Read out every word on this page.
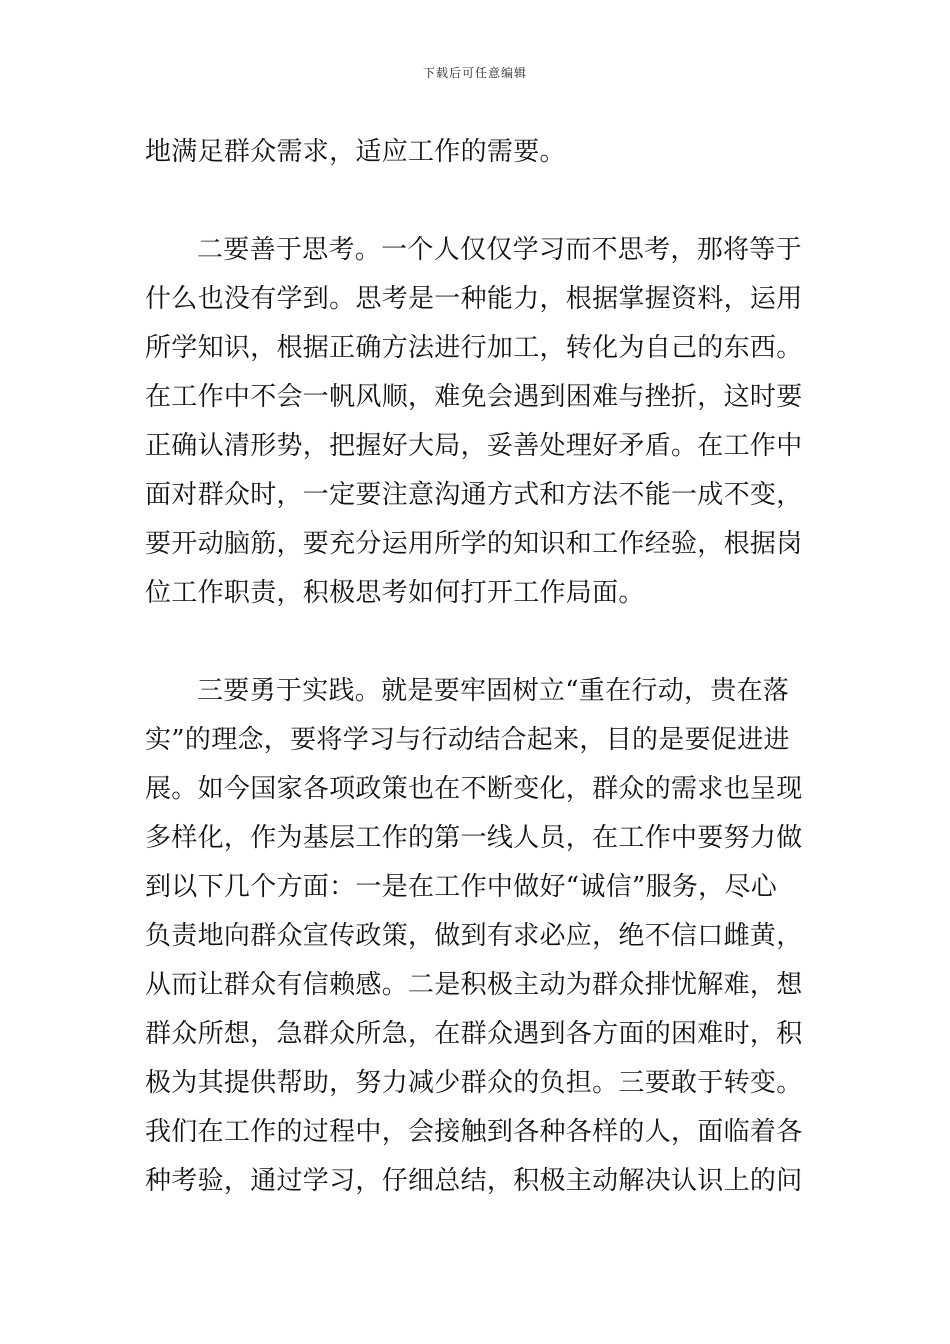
下载后可任意编辑
地满足群众需求，适应工作的需要。
二要善于思考。一个人仅仅学习而不思考，那将等于
什么也没有学到。思考是一种能力，根据掌握资料，运用
所学知识，根据正确方法进行加工，转化为自己的东西。
在工作中不会一帆风顺，难免会遇到困难与挫折，这时要
正确认清形势，把握好大局，妥善处理好矛盾。在工作中
面对群众时，一定要注意沟通方式和方法不能一成不变，
要开动脑筋，要充分运用所学的知识和工作经验，根据岗
位工作职责，积极思考如何打开工作局面。
三要勇于实践。就是要牢固树立“重在行动，贵在落
实”的理念，要将学习与行动结合起来，目的是要促进进
展。如今国家各项政策也在不断变化，群众的需求也呈现
多样化，作为基层工作的第一线人员，在工作中要努力做
到以下几个方面：一是在工作中做好“诚信”服务，尽心
负责地向群众宣传政策，做到有求必应，绝不信口雌黄，
从而让群众有信赖感。二是积极主动为群众排忧解难，想
群众所想，急群众所急，在群众遇到各方面的困难时，积
极为其提供帮助，努力减少群众的负担。三要敢于转变。
我们在工作的过程中，会接触到各种各样的人，面临着各
种考验，通过学习，仔细总结，积极主动解决认识上的问
